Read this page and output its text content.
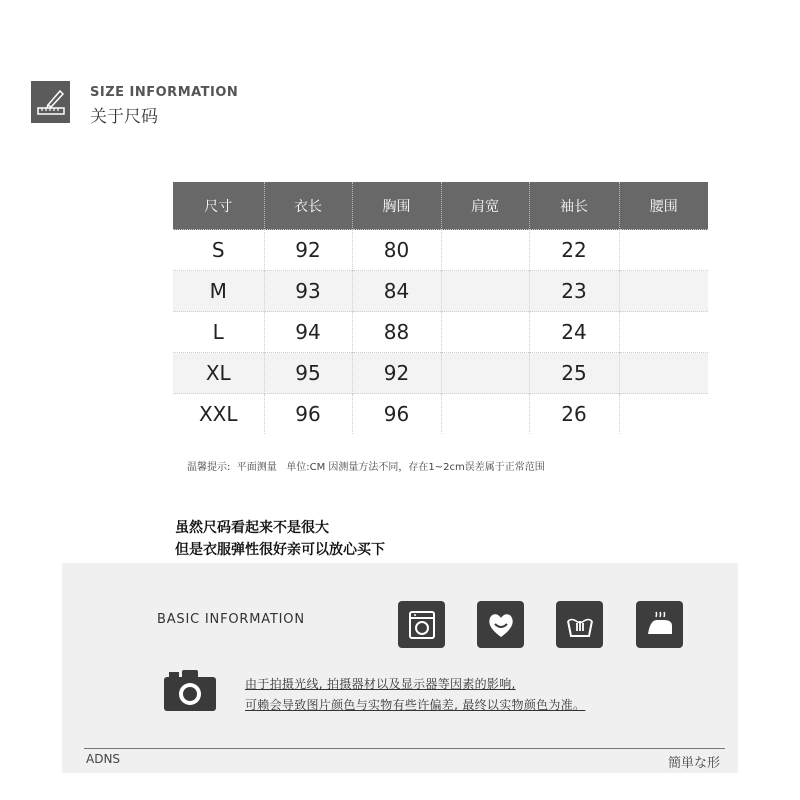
SIZE INFORMATION
关于尺码
尺寸	衣长	胸围	肩宽	袖长	腰围
S	92	80		22	
M	93	84		23	
L	94	88		24	
XL	95	92		25	
XXL	96	96		26	
温馨提示:  平面测量   单位:CM 因测量方法不同，存在1~2cm误差属于正常范围
虽然尺码看起来不是很大
但是衣服弹性很好亲可以放心买下
BASIC INFORMATION
由于拍摄光线, 拍摄器材以及显示器等因素的影响,
可赖会导致图片颜色与实物有些许偏差, 最终以实物颜色为准。
ADNS	簡単な形
